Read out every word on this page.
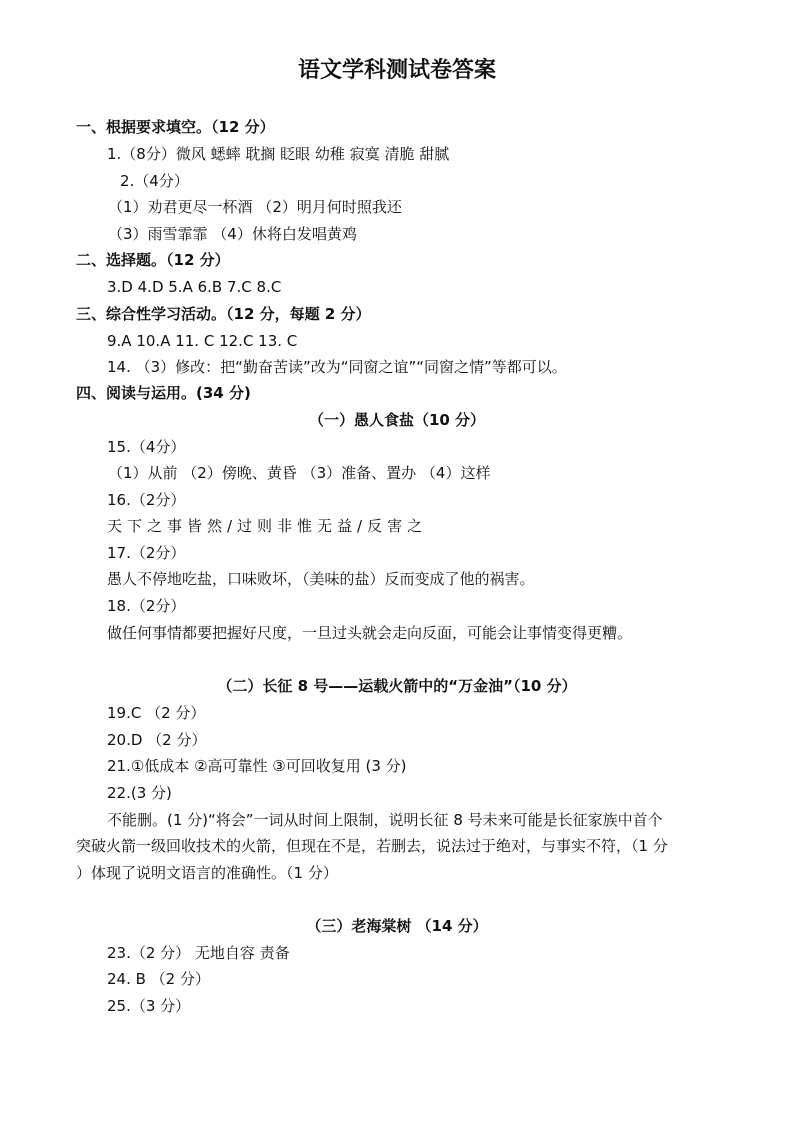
语文学科测试卷答案
一、根据要求填空。（12 分）
1.（8分）微风 蟋蟀 耽搁 眨眼 幼稚 寂寞 清脆 甜腻
2.（4分）
（1）劝君更尽一杯酒 （2）明月何时照我还
（3）雨雪霏霏 （4）休将白发唱黄鸡
二、选择题。（12 分）
3.D 4.D 5.A 6.B 7.C 8.C
三、综合性学习活动。（12 分，每题 2 分）
9.A 10.A 11. C 12.C 13. C
14. （3）修改：把“勤奋苦读”改为“同窗之谊”“同窗之情”等都可以。
四、阅读与运用。(34 分)
（一）愚人食盐（10 分）
15.（4分）
（1）从前 （2）傍晚、黄昏 （3）准备、置办 （4）这样
16.（2分）
天下之事皆然/过则非惟无益/反害之
17.（2分）
愚人不停地吃盐，口味败坏，（美味的盐）反而变成了他的祸害。
18.（2分）
做任何事情都要把握好尺度，一旦过头就会走向反面，可能会让事情变得更糟。
（二）长征 8 号——运载火箭中的“万金油”（10 分）
19.C （2 分）
20.D （2 分）
21.①低成本 ②高可靠性 ③可回收复用 (3 分)
22.(3 分)
不能删。(1 分)“将会”一词从时间上限制，说明长征 8 号未来可能是长征家族中首个
突破火箭一级回收技术的火箭，但现在不是，若删去，说法过于绝对，与事实不符，（1 分
）体现了说明文语言的准确性。（1 分）
（三）老海棠树 （14 分）
23.（2 分） 无地自容 责备
24. B （2 分）
25.（3 分）
